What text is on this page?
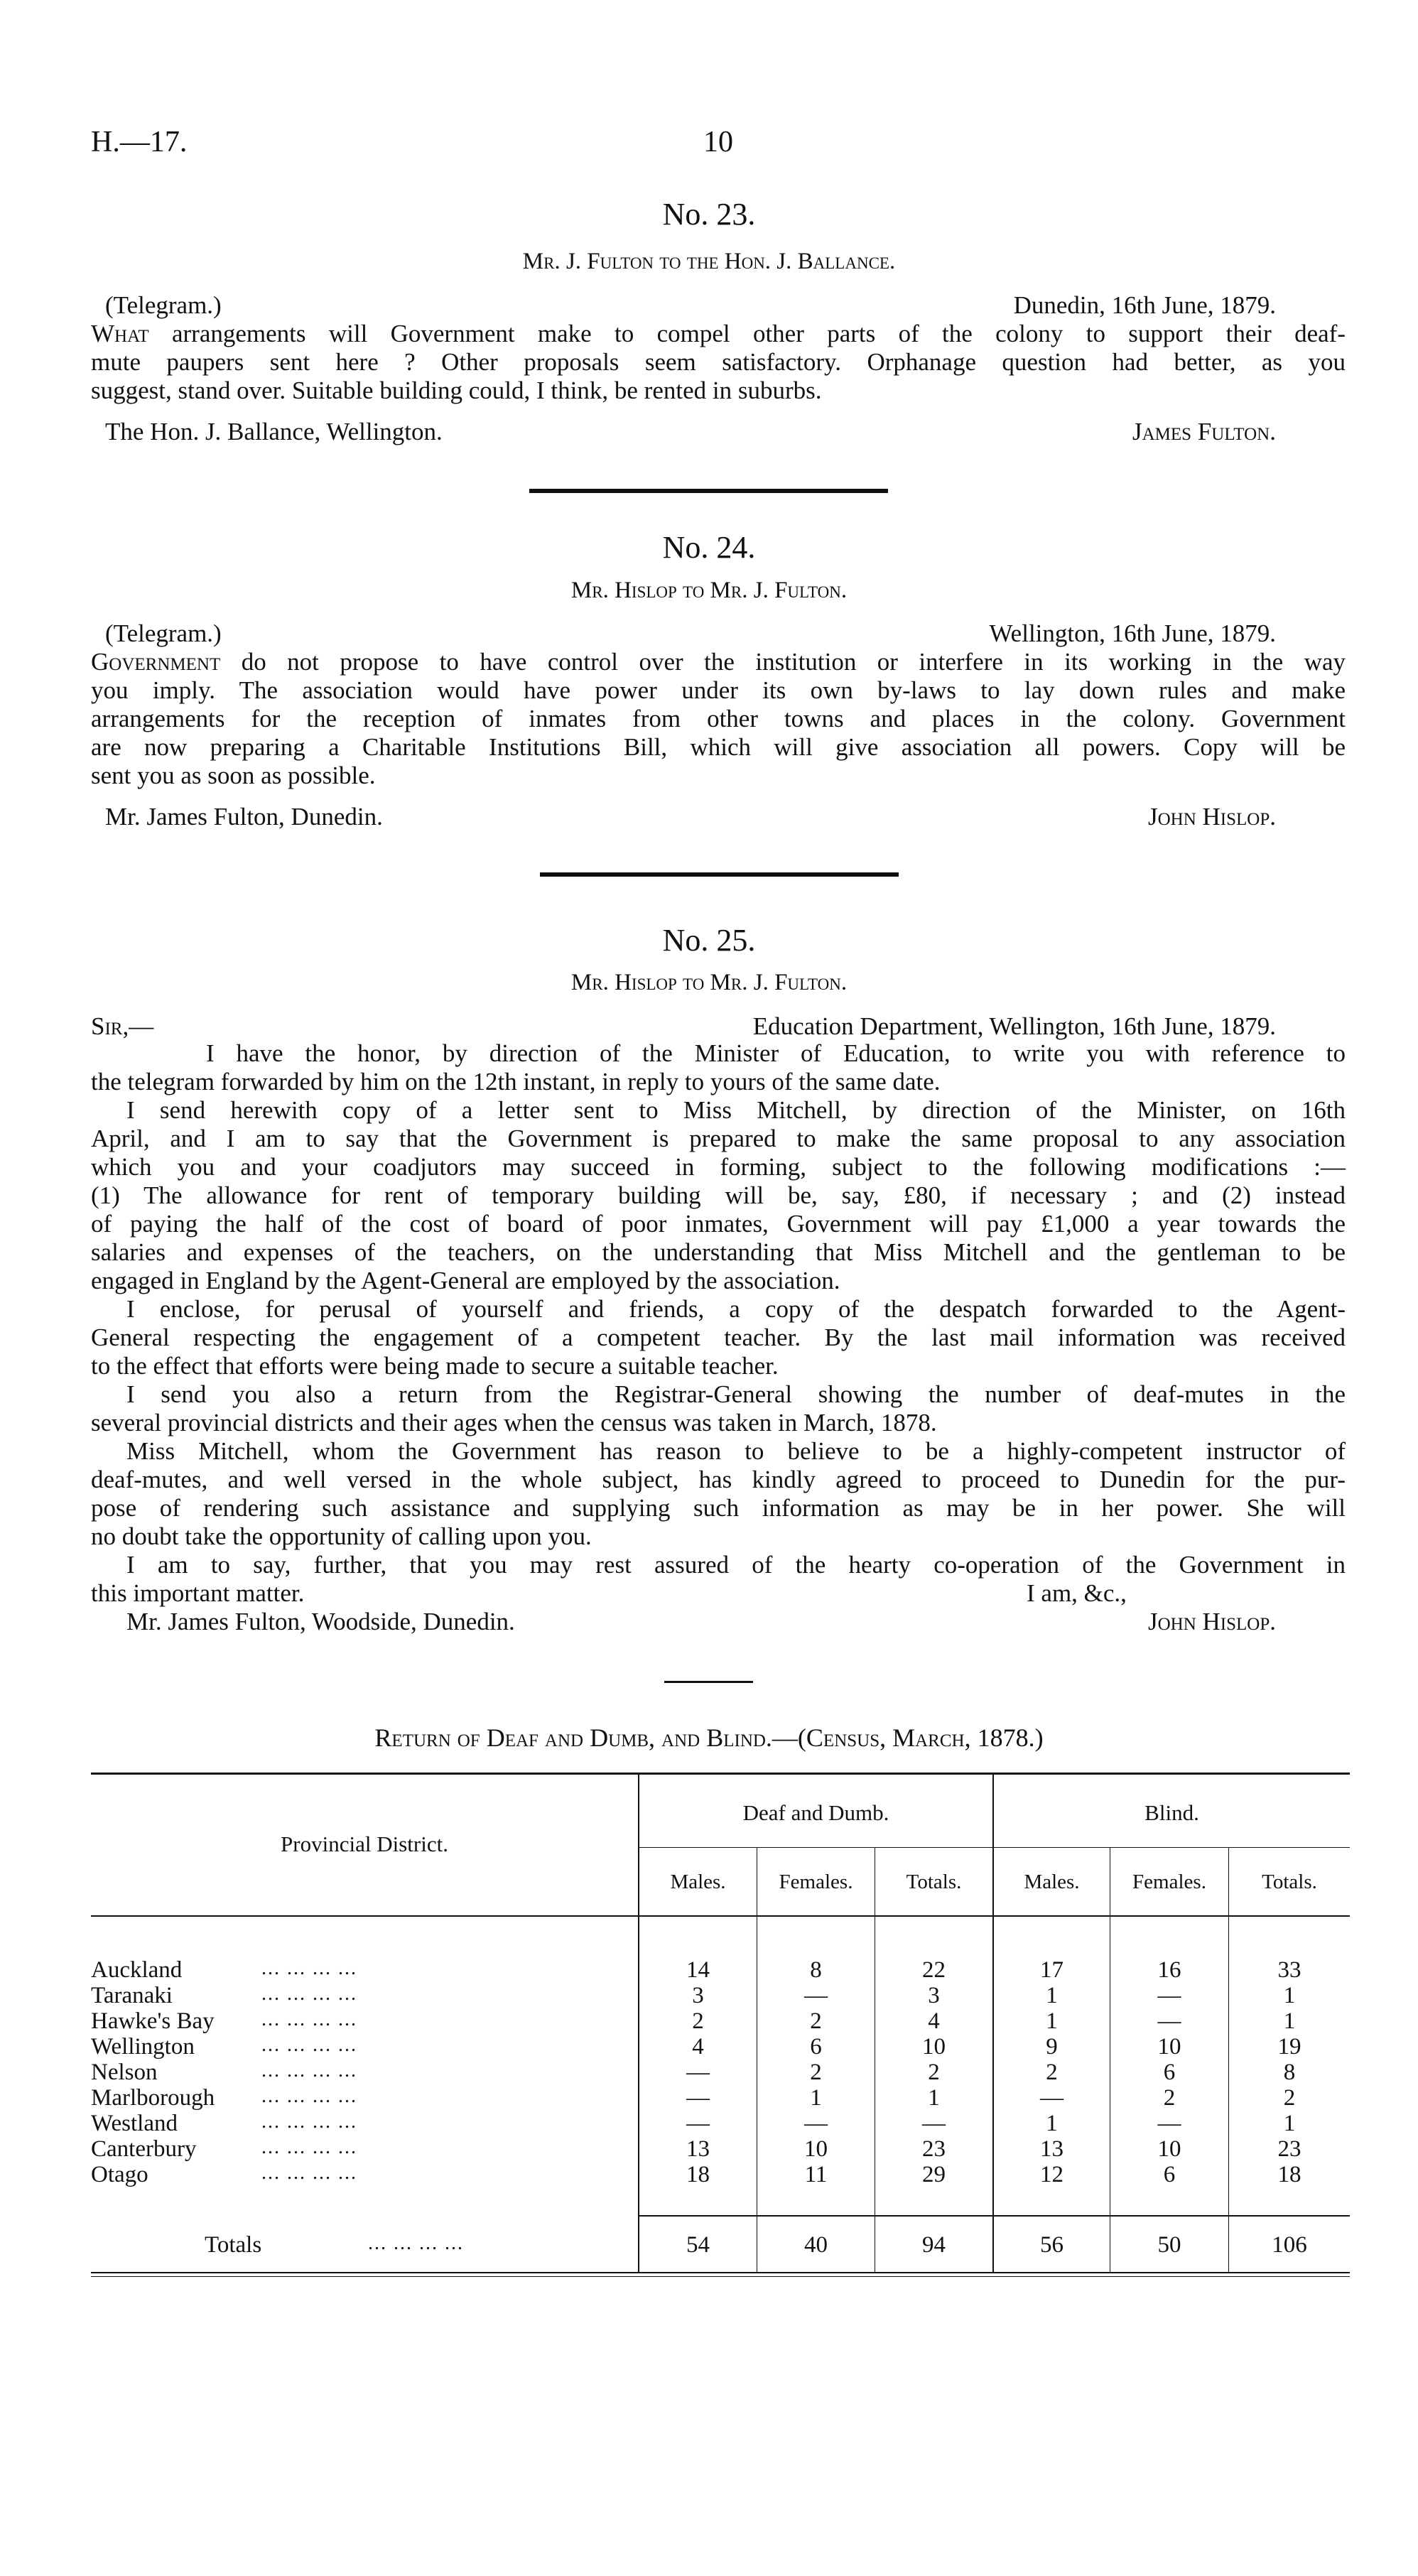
H.—17.	10
No. 23.
Mr. J. Fulton to the Hon. J. Ballance.
(Telegram.)	Dunedin, 16th June, 1879.
What arrangements will Government make to compel other parts of the colony to support their deaf-
mute paupers sent here ? Other proposals seem satisfactory. Orphanage question had better, as you
suggest, stand over. Suitable building could, I think, be rented in suburbs.
The Hon. J. Ballance, Wellington.	James Fulton.
No. 24.
Mr. Hislop to Mr. J. Fulton.
(Telegram.)	Wellington, 16th June, 1879.
Government do not propose to have control over the institution or interfere in its working in the way
you imply. The association would have power under its own by-laws to lay down rules and make
arrangements for the reception of inmates from other towns and places in the colony. Government
are now preparing a Charitable Institutions Bill, which will give association all powers. Copy will be
sent you as soon as possible.
Mr. James Fulton, Dunedin.	John Hislop.
No. 25.
Mr. Hislop to Mr. J. Fulton.
Sir,—	Education Department, Wellington, 16th June, 1879.
I have the honor, by direction of the Minister of Education, to write you with reference to
the telegram forwarded by him on the 12th instant, in reply to yours of the same date.
I send herewith copy of a letter sent to Miss Mitchell, by direction of the Minister, on 16th
April, and I am to say that the Government is prepared to make the same proposal to any association
which you and your coadjutors may succeed in forming, subject to the following modifications :—
(1) The allowance for rent of temporary building will be, say, £80, if necessary ; and (2) instead
of paying the half of the cost of board of poor inmates, Government will pay £1,000 a year towards the
salaries and expenses of the teachers, on the understanding that Miss Mitchell and the gentleman to be
engaged in England by the Agent-General are employed by the association.
I enclose, for perusal of yourself and friends, a copy of the despatch forwarded to the Agent-
General respecting the engagement of a competent teacher. By the last mail information was received
to the effect that efforts were being made to secure a suitable teacher.
I send you also a return from the Registrar-General showing the number of deaf-mutes in the
several provincial districts and their ages when the census was taken in March, 1878.
Miss Mitchell, whom the Government has reason to believe to be a highly-competent instructor of
deaf-mutes, and well versed in the whole subject, has kindly agreed to proceed to Dunedin for the pur-
pose of rendering such assistance and supplying such information as may be in her power. She will
no doubt take the opportunity of calling upon you.
I am to say, further, that you may rest assured of the hearty co-operation of the Government in
this important matter.	I am, &c.,
Mr. James Fulton, Woodside, Dunedin.	John Hislop.
Return of Deaf and Dumb, and Blind.—(Census, March, 1878.)
Provincial District.
Deaf and Dumb.	Blind.
Males.	Females.	Totals.	Males.	Females.	Totals.
Auckland	... ... ... ...	14	8	22	17	16	33
Taranaki	... ... ... ...	3	—	3	1	—	1
Hawke's Bay ... ... ... ...	2	2	4	1	—	1
Wellington	... ... ... ...	4	6	10	9	10	19
Nelson	... ... ... ...	—	2	2	2	6	8
Marlborough ... ... ... ...	—	1	1	—	2	2
Westland	... ... ... ...	—	—	—	1	—	1
Canterbury	... ... ... ...	13	10	23	13	10	23
Otago	... ... ... ...	18	11	29	12	6	18
Totals	... ... ... ...	54	40	94	56	50	106
